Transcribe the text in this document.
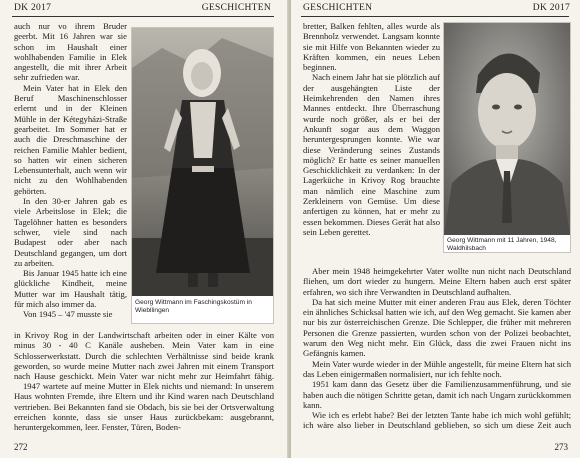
DK 2017	GESCHICHTEN

auch nur vo ihrem Bruder geerbt. Mit 16 Jahren war sie schon im Haushalt einer wohlhabenden Familie in Elek angestellt, die mit ihrer Arbeit sehr zufrieden war.

Mein Vater hat in Elek den Beruf Maschinenschlosser erlernt und in der Kleinen Mühle in der Kétegyházi-Straße gearbeitet. Im Sommer hat er auch die Dreschmaschine der reichen Familie Mahler bedient, so hatten wir einen sicheren Lebensunterhalt, auch wenn wir nicht zu den Wohlhabenden gehörten.

In den 30-er Jahren gab es viele Arbeitslose in Elek; die Tagelöhner hatten es besonders schwer, viele sind nach Budapest oder aber nach Deutschland gegangen, um dort zu arbeiten.

Bis Januar 1945 hatte ich eine glückliche Kindheit, meine Mutter war im Haushalt tätig, für mich also immer da.

Von 1945 – '47 musste sie

Georg Wittmann im Faschingskostüm in Wiebllingen

in Krivoy Rog in der Landwirtschaft arbeiten oder in einer Kälte von minus 30 - 40 C Kanäle ausheben. Mein Vater kam in eine Schlosserwerkstatt. Durch die schlechten Verhältnisse sind beide krank geworden, so wurde meine Mutter nach zwei Jahren mit einem Transport nach Hause geschickt. Mein Vater war nicht mehr zur Heimfahrt fähig.

1947 wartete auf meine Mutter in Elek nichts und niemand: In unserem Haus wohnten Fremde, ihre Eltern und ihr Kind waren nach Deutschland vertrieben. Bei Bekannten fand sie Obdach, bis sie bei der Ortsverwaltung erreichen konnte, dass sie unser Haus zurückbekam: ausgebrannt, heruntergekommen, leer. Fenster, Türen, Boden-

272
GESCHICHTEN	DK 2017

bretter, Balken fehlten, alles wurde als Brennholz verwendet. Langsam konnte sie mit Hilfe von Bekannten wieder zu Kräften kommen, ein neues Leben beginnen.

Nach einem Jahr hat sie plötzlich auf der ausgehängten Liste der Heimkehrenden den Namen ihres Mannes entdeckt. Ihre Überraschung wurde noch größer, als er bei der Ankunft sogar aus dem Waggon heruntergesprungen konnte. Wie war diese Veränderung seines Zustands möglich? Er hatte es seiner manuellen Geschicklichkeit zu verdanken: In der Lagerküche in Krivoy Rog brauchte man nämlich eine Maschine zum Zerkleinern von Gemüse. Um diese anfertigen zu können, hat er mehr zu essen bekommen. Dieses Gerät hat also sein Leben gerettet.

Georg Wittmann mit 11 Jahren, 1948, Waldhilsbach

Aber mein 1948 heimgekehrter Vater wollte nun nicht nach Deutschland fliehen, um dort wieder zu hungern. Meine Eltern haben auch erst später erfahren, wo sich ihre Verwandten in Deutschland aufhalten.

Da hat sich meine Mutter mit einer anderen Frau aus Elek, deren Töchter ein ähnliches Schicksal hatten wie ich, auf den Weg gemacht. Sie kamen aber nur bis zur österreichischen Grenze. Die Schlepper, die früher mit mehreren Personen die Grenze passierten, wurden schon von der Polizei beobachtet, warum den Weg nicht mehr. Ein Glück, dass die zwei Frauen nicht ins Gefängnis kamen.

Mein Vater wurde wieder in der Mühle angestellt, für meine Eltern hat sich das Leben einigermaßen normalisiert, nur ich fehlte noch.

1951 kam dann das Gesetz über die Familienzusammenführung, und sie haben auch die nötigen Schritte getan, damit ich nach Ungarn zurückkommen kann.

Wie ich es erlebt habe? Bei der letzten Tante habe ich mich wohl gefühlt; ich wäre also lieber in Deutschland geblieben, so sich um diese Zeit auch

273
